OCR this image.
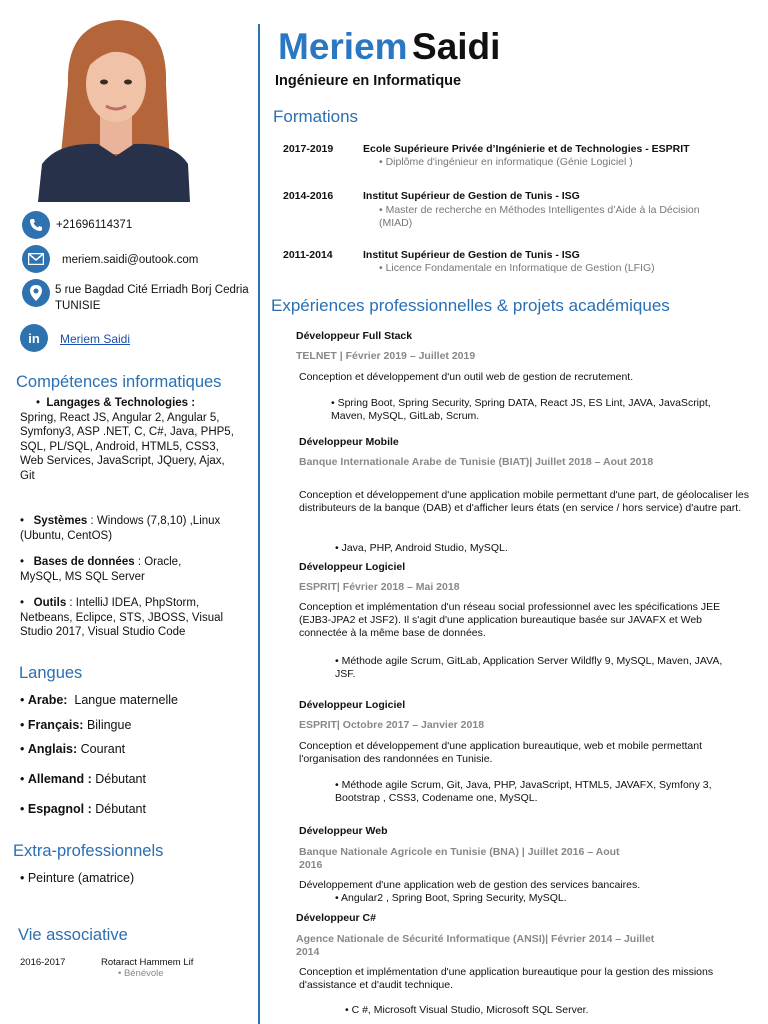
+21696114371
meriem.saidi@outook.com
5 rue Bagdad Cité Erriadh Borj Cedria
TUNISIE
in Meriem Saidi
Compétences informatiques
•  Langages & Technologies :
Spring, React JS, Angular 2, Angular 5, Symfony3, ASP .NET, C, C#, Java, PHP5, SQL, PL/SQL, Android, HTML5, CSS3, Web Services, JavaScript, JQuery, Ajax, Git
•   Systèmes : Windows (7,8,10) ,Linux (Ubuntu, CentOS)
•   Bases de données : Oracle, MySQL, MS SQL Server
•   Outils : IntelliJ IDEA, PhpStorm, Netbeans, Eclipce, STS, JBOSS, Visual Studio 2017, Visual Studio Code
Langues
• Arabe: Langue maternelle
• Français: Bilingue
• Anglais: Courant
• Allemand : Débutant
• Espagnol : Débutant
Extra-professionnels
• Peinture (amatrice)
Vie associative
2016-2017	Rotaract Hammem Lif
• Bénévole
Meriem Saidi
Ingénieure en Informatique
Formations
2017-2019	Ecole Supérieure Privée d’Ingénierie et de Technologies - ESPRIT
• Diplôme d'ingénieur en informatique (Génie Logiciel )
2014-2016	Institut Supérieur de Gestion de Tunis - ISG
• Master de recherche en Méthodes Intelligentes d’Aide à la Décision (MIAD)
2011-2014	Institut Supérieur de Gestion de Tunis - ISG
• Licence Fondamentale en Informatique de Gestion (LFIG)
Expériences professionnelles & projets académiques
Développeur Full Stack
TELNET | Février 2019 – Juillet 2019
Conception et développement d'un outil web de gestion de recrutement.
• Spring Boot, Spring Security, Spring DATA, React JS, ES Lint, JAVA, JavaScript, Maven, MySQL, GitLab, Scrum.
Développeur Mobile
Banque Internationale Arabe de Tunisie (BIAT)| Juillet 2018 – Aout 2018
Conception et développement d'une application mobile permettant d'une part, de géolocaliser les distributeurs de la banque (DAB) et d'afficher leurs états (en service / hors service) d'autre part.
• Java, PHP, Android Studio, MySQL.
Développeur Logiciel
ESPRIT| Février 2018 – Mai 2018
Conception et implémentation d'un réseau social professionnel avec les spécifications JEE (EJB3-JPA2 et JSF2). Il s'agit d'une application bureautique basée sur JAVAFX et Web connectée à la même base de données.
• Méthode agile Scrum, GitLab, Application Server Wildfly 9, MySQL, Maven, JAVA, JSF.
Développeur Logiciel
ESPRIT| Octobre 2017 – Janvier 2018
Conception et développement d'une application bureautique, web et mobile permettant l'organisation des randonnées en Tunisie.
• Méthode agile Scrum, Git, Java, PHP, JavaScript, HTML5, JAVAFX, Symfony 3, Bootstrap , CSS3, Codename one, MySQL.
Développeur Web
Banque Nationale Agricole en Tunisie (BNA) | Juillet 2016 – Aout 2016
Développement d'une application web de gestion des services bancaires.
• Angular2 , Spring Boot, Spring Security, MySQL.
Développeur C#
Agence Nationale de Sécurité Informatique (ANSI)| Février 2014 – Juillet 2014
Conception et implémentation d'une application bureautique pour la gestion des missions d'assistance et d'audit technique.
• C #, Microsoft Visual Studio, Microsoft SQL Server.
